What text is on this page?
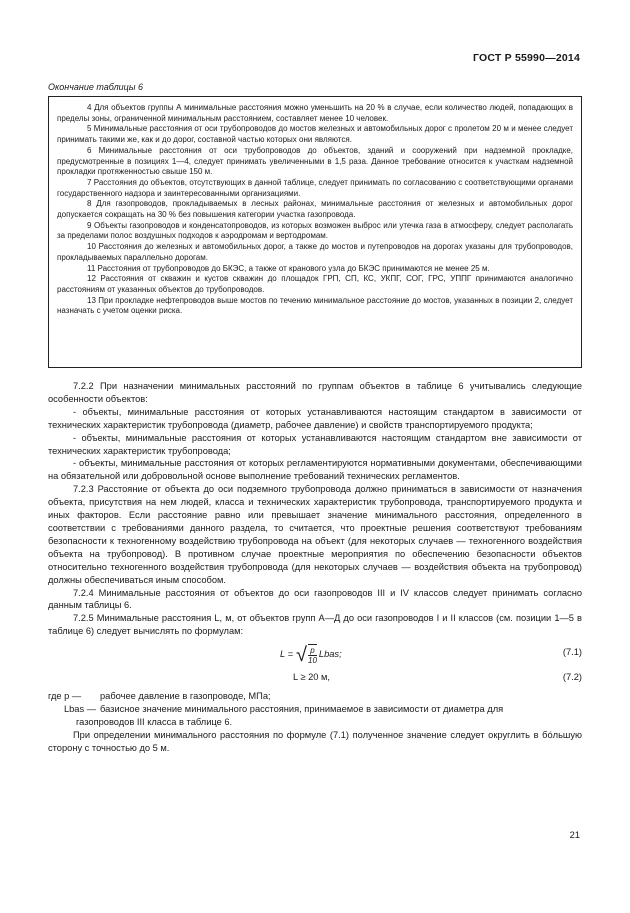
ГОСТ Р 55990—2014
Окончание таблицы 6

4 Для объектов группы А минимальные расстояния можно уменьшить на 20 % в случае, если количество людей, попадающих в пределы зоны, ограниченной минимальным расстоянием, составляет менее 10 человек.

5 Минимальные расстояния от оси трубопроводов до мостов железных и автомобильных дорог с пролетом 20 м и менее следует принимать такими же, как и до дорог, составной частью которых они являются.

6 Минимальные расстояния от оси трубопроводов до объектов, зданий и сооружений при надземной прокладке, предусмотренные в позициях 1—4, следует принимать увеличенными в 1,5 раза. Данное требование относится к участкам надземной прокладки протяженностью свыше 150 м.

7 Расстояния до объектов, отсутствующих в данной таблице, следует принимать по согласованию с соответствующими органами государственного надзора и заинтересованными организациями.

8 Для газопроводов, прокладываемых в лесных районах, минимальные расстояния от железных и автомобильных дорог допускается сокращать на 30 % без повышения категории участка газопровода.

9 Объекты газопроводов и конденсатопроводов, из которых возможен выброс или утечка газа в атмосферу, следует располагать за пределами полос воздушных подходов к аэродромам и вертодромам.

10 Расстояния до железных и автомобильных дорог, а также до мостов и путепроводов на дорогах указаны для трубопроводов, прокладываемых параллельно дорогам.

11 Расстояния от трубопроводов до БКЭС, а также от кранового узла до БКЭС принимаются не менее 25 м.

12 Расстояния от скважин и кустов скважин до площадок ГРП, СП, КС, УКПГ, СОГ, ГРС, УППГ принимаются аналогично расстояниям от указанных объектов до трубопроводов.

13 При прокладке нефтепроводов выше мостов по течению минимальное расстояние до мостов, указанных в позиции 2, следует назначать с учетом оценки риска.

7.2.2 При назначении минимальных расстояний по группам объектов в таблице 6 учитывались следующие особенности объектов:

- объекты, минимальные расстояния от которых устанавливаются настоящим стандартом в зависимости от технических характеристик трубопровода (диаметр, рабочее давление) и свойств транспортируемого продукта;

- объекты, минимальные расстояния от которых устанавливаются настоящим стандартом вне зависимости от технических характеристик трубопровода;

- объекты, минимальные расстояния от которых регламентируются нормативными документами, обеспечивающими на обязательной или добровольной основе выполнение требований технических регламентов.

7.2.3 Расстояние от объекта до оси подземного трубопровода должно приниматься в зависимости от назначения объекта, присутствия на нем людей, класса и технических характеристик трубопровода, транспортируемого продукта и иных факторов. Если расстояние равно или превышает значение минимального расстояния, определенного в соответствии с требованиями данного раздела, то считается, что проектные решения соответствуют требованиям безопасности к техногенному воздействию трубопровода на объект (для некоторых случаев — техногенного воздействия объекта на трубопровод). В противном случае проектные мероприятия по обеспечению безопасности объектов относительно техногенного воздействия трубопровода (для некоторых случаев — воздействия объекта на трубопровод) должны обеспечиваться иным способом.

7.2.4 Минимальные расстояния от объектов до оси газопроводов III и IV классов следует принимать согласно данным таблицы 6.

7.2.5 Минимальные расстояния L, м, от объектов групп А—Д до оси газопроводов I и II классов (см. позиции 1—5 в таблице 6) следует вычислять по формулам:

L = √ $\frac{p}{10}$ Lbas;	(7.1)
L ≥ 20 м,	(7.2)
где p —	рабочее давление в газопроводе, МПа;
Lbas — базисное значение минимального расстояния, принимаемое в зависимости от диаметра для
газопроводов III класса в таблице 6.

При определении минимального расстояния по формуле (7.1) полученное значение следует округлить в бóльшую сторону с точностью до 5 м.

21
